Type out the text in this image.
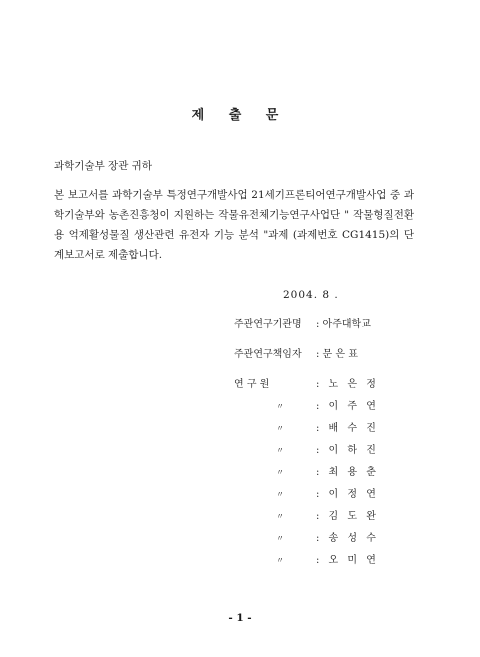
제 출 문
과학기술부 장관 귀하
본 보고서를 과학기술부 특정연구개발사업 21세기프론티어연구개발사업 중 과학기술부와 농촌진흥청이 지원하는 작물유전체기능연구사업단 " 작물형질전환용 억제활성물질 생산관련 유전자 기능 분석 "과제 (과제번호 CG1415)의 단계보고서로 제출합니다.
2004. 8 .
주관연구기관명 : 아주대학교
주관연구책임자 : 문 은 표
연 구 원	: 노 은 정
〃	: 이 주 연
〃	: 배 수 진
〃	: 이 하 진
〃	: 최 용 춘
〃	: 이 정 연
〃	: 김 도 완
〃	: 송 성 수
〃	: 오 미 연
- 1 -
